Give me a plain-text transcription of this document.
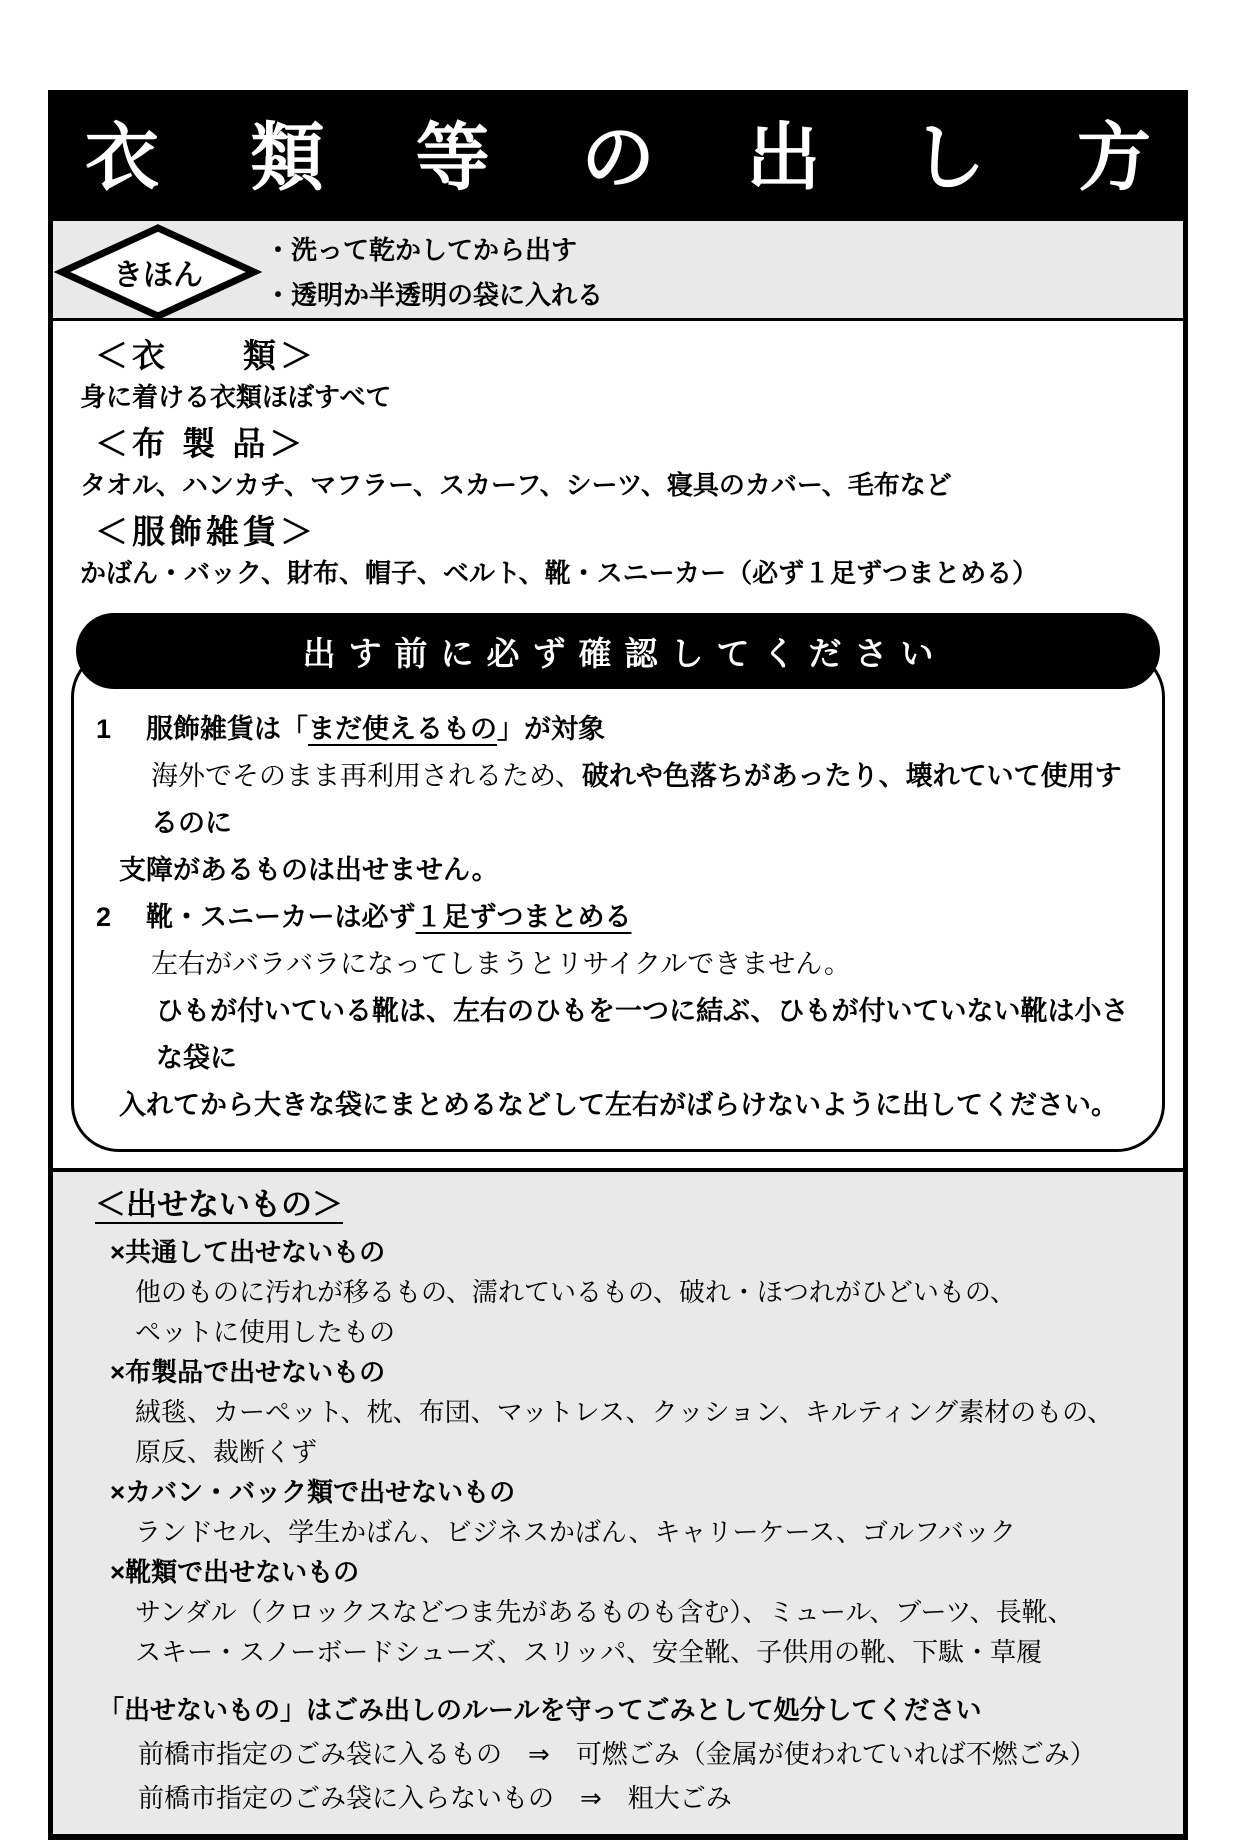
衣 類 等 の 出 し 方
きほん
・洗って乾かしてから出す
・透明か半透明の袋に入れる
＜衣　　類＞
身に着ける衣類ほぼすべて
＜布 製 品＞
タオル、ハンカチ、マフラー、スカーフ、シーツ、寝具のカバー、毛布など
＜服飾雑貨＞
かばん・バック、財布、帽子、ベルト、靴・スニーカー（必ず１足ずつまとめる）
出す前に必ず確認してください
1	服飾雑貨は「まだ使えるもの」が対象
海外でそのまま再利用されるため、破れや色落ちがあったり、壊れていて使用するのに
支障があるものは出せません。
2	靴・スニーカーは必ず１足ずつまとめる
左右がバラバラになってしまうとリサイクルできません。
ひもが付いている靴は、左右のひもを一つに結ぶ、ひもが付いていない靴は小さな袋に
入れてから大きな袋にまとめるなどして左右がばらけないように出してください。
＜出せないもの＞
×共通して出せないもの
他のものに汚れが移るもの、濡れているもの、破れ・ほつれがひどいもの、
ペットに使用したもの
×布製品で出せないもの
絨毯、カーペット、枕、布団、マットレス、クッション、キルティング素材のもの、
原反、裁断くず
×カバン・バック類で出せないもの
ランドセル、学生かばん、ビジネスかばん、キャリーケース、ゴルフバック
×靴類で出せないもの
サンダル（クロックスなどつま先があるものも含む）、ミュール、ブーツ、長靴、
スキー・スノーボードシューズ、スリッパ、安全靴、子供用の靴、下駄・草履
「出せないもの」はごみ出しのルールを守ってごみとして処分してください
前橋市指定のごみ袋に入るもの　⇒　可燃ごみ（金属が使われていれば不燃ごみ）
前橋市指定のごみ袋に入らないもの　⇒　粗大ごみ
